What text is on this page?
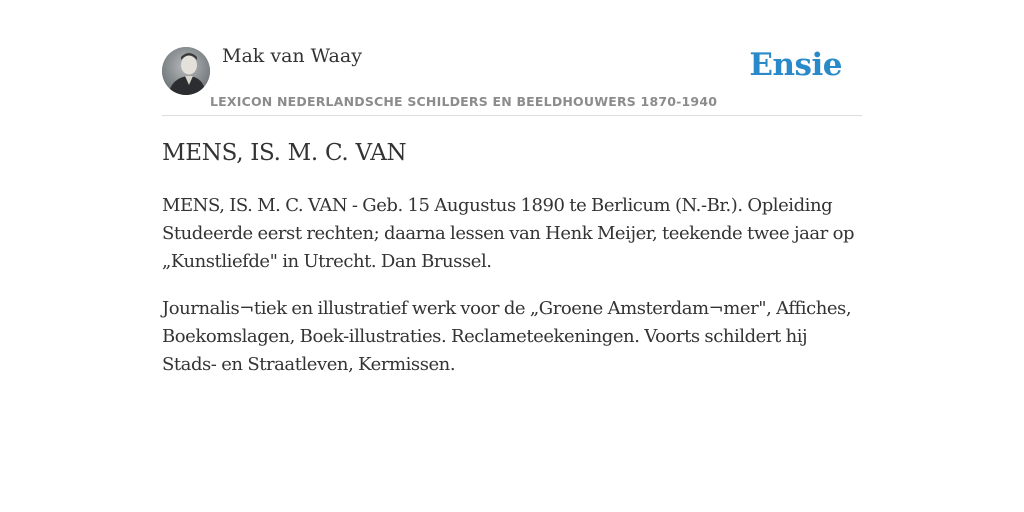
Mak van Waay
LEXICON NEDERLANDSCHE SCHILDERS EN BEELDHOUWERS 1870-1940
Ensie
MENS, IS. M. C. VAN

MENS, IS. M. C. VAN - Geb. 15 Augustus 1890 te Berlicum (N.-Br.). Opleiding Studeerde eerst rechten; daarna lessen van Henk Meijer, teekende twee jaar op „Kunstliefde" in Utrecht. Dan Brussel.

Journalis¬tiek en illustratief werk voor de „Groene Amsterdam¬mer", Affiches, Boekomslagen, Boek-illustraties. Reclameteekeningen. Voorts schildert hij Stads- en Straatleven, Kermissen.
